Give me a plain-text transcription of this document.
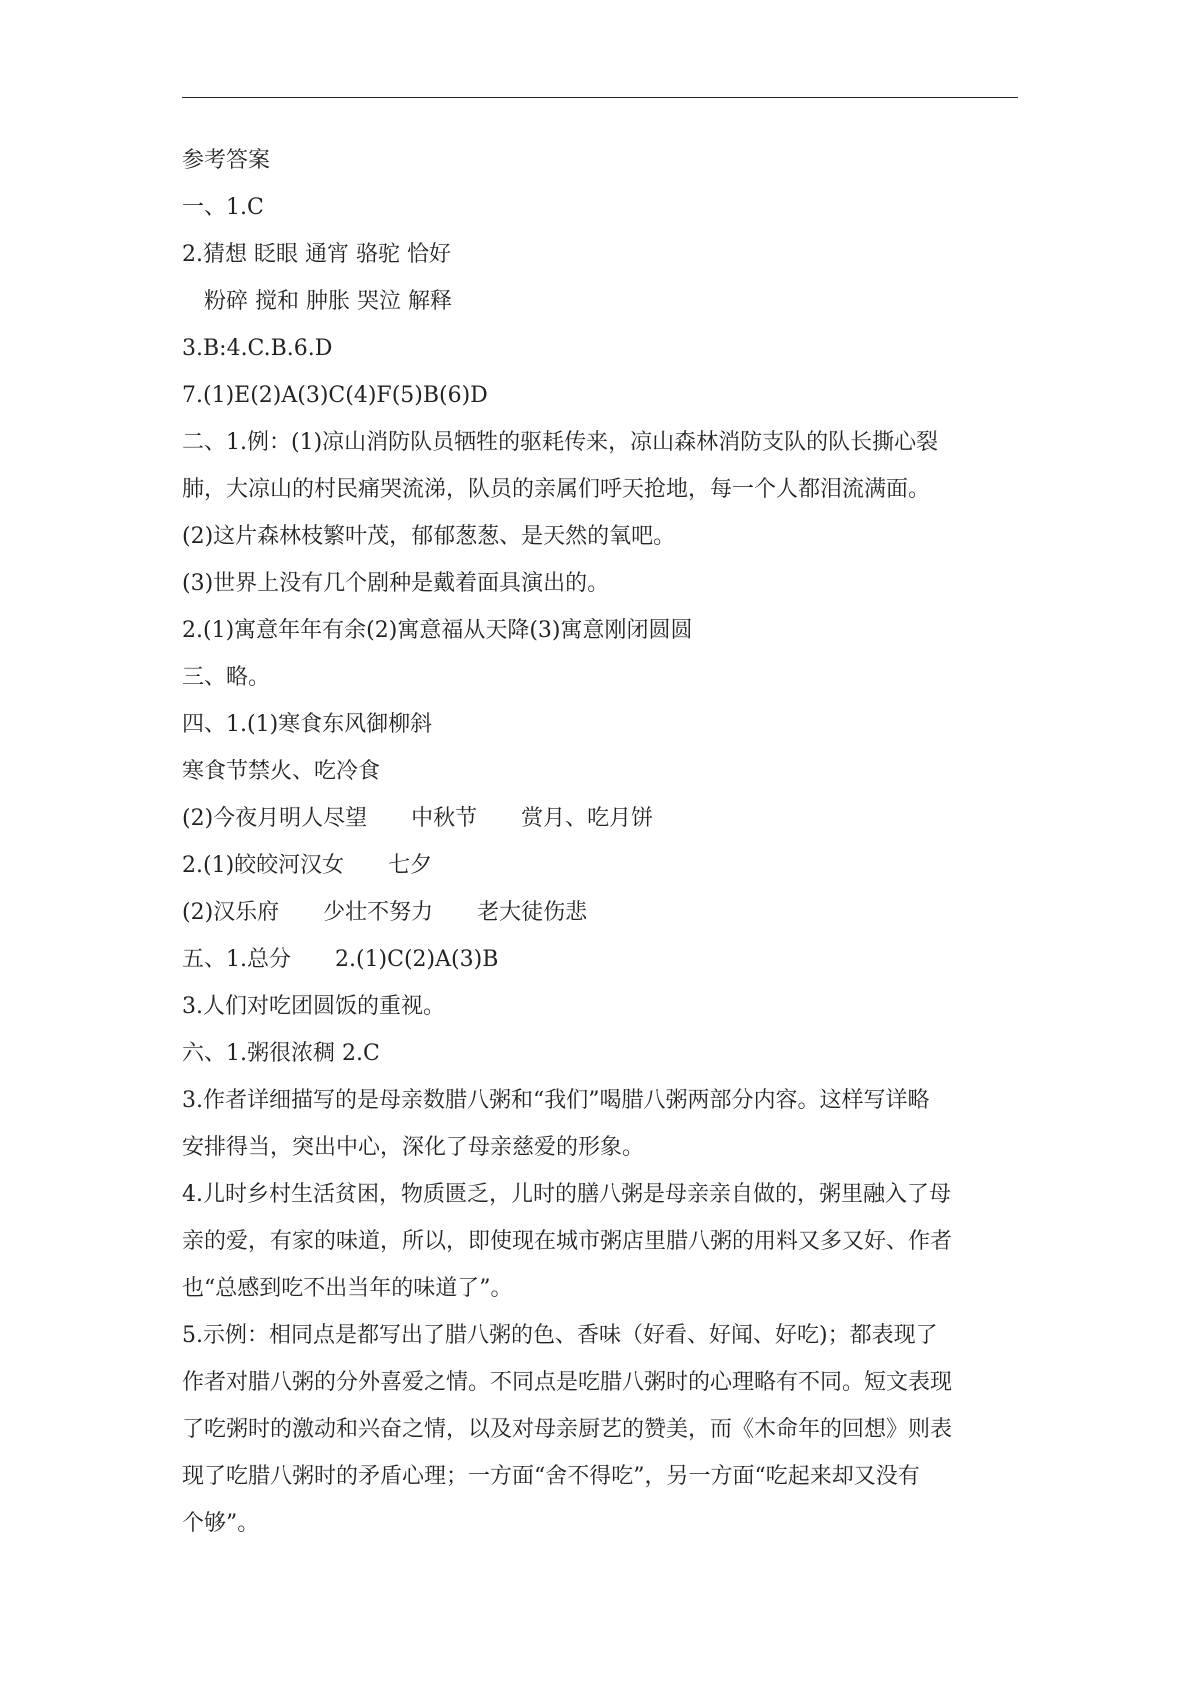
参考答案
一、1.C
2.猜想 眨眼 通宵 骆驼 恰好
　粉碎 搅和 肿胀 哭泣 解释
3.B:4.C.B.6.D
7.(1)E(2)A(3)C(4)F(5)B(6)D
二、1.例：(1)凉山消防队员牺牲的驱耗传来，凉山森林消防支队的队长撕心裂
肺，大凉山的村民痛哭流涕，队员的亲属们呼天抢地，每一个人都泪流满面。
(2)这片森林枝繁叶茂，郁郁葱葱、是天然的氧吧。
(3)世界上没有几个剧种是戴着面具演出的。
2.(1)寓意年年有余(2)寓意福从天降(3)寓意刚闭圆圆
三、略。
四、1.(1)寒食东风御柳斜
寒食节禁火、吃冷食
(2)今夜月明人尽望　　中秋节　　赏月、吃月饼
2.(1)皎皎河汉女　　七夕
(2)汉乐府　　少壮不努力　　老大徒伤悲
五、1.总分　　2.(1)C(2)A(3)B
3.人们对吃团圆饭的重视。
六、1.粥很浓稠 2.C
3.作者详细描写的是母亲数腊八粥和“我们”喝腊八粥两部分内容。这样写详略
安排得当，突出中心，深化了母亲慈爱的形象。
4.儿时乡村生活贫困，物质匮乏，儿时的膳八粥是母亲亲自做的，粥里融入了母
亲的爱，有家的味道，所以，即使现在城市粥店里腊八粥的用料又多又好、作者
也“总感到吃不出当年的味道了”。
5.示例：相同点是都写出了腊八粥的色、香味（好看、好闻、好吃)；都表现了
作者对腊八粥的分外喜爱之情。不同点是吃腊八粥时的心理略有不同。短文表现
了吃粥时的激动和兴奋之情，以及对母亲厨艺的赞美，而《木命年的回想》则表
现了吃腊八粥时的矛盾心理；一方面“舍不得吃”，另一方面“吃起来却又没有
个够”。
